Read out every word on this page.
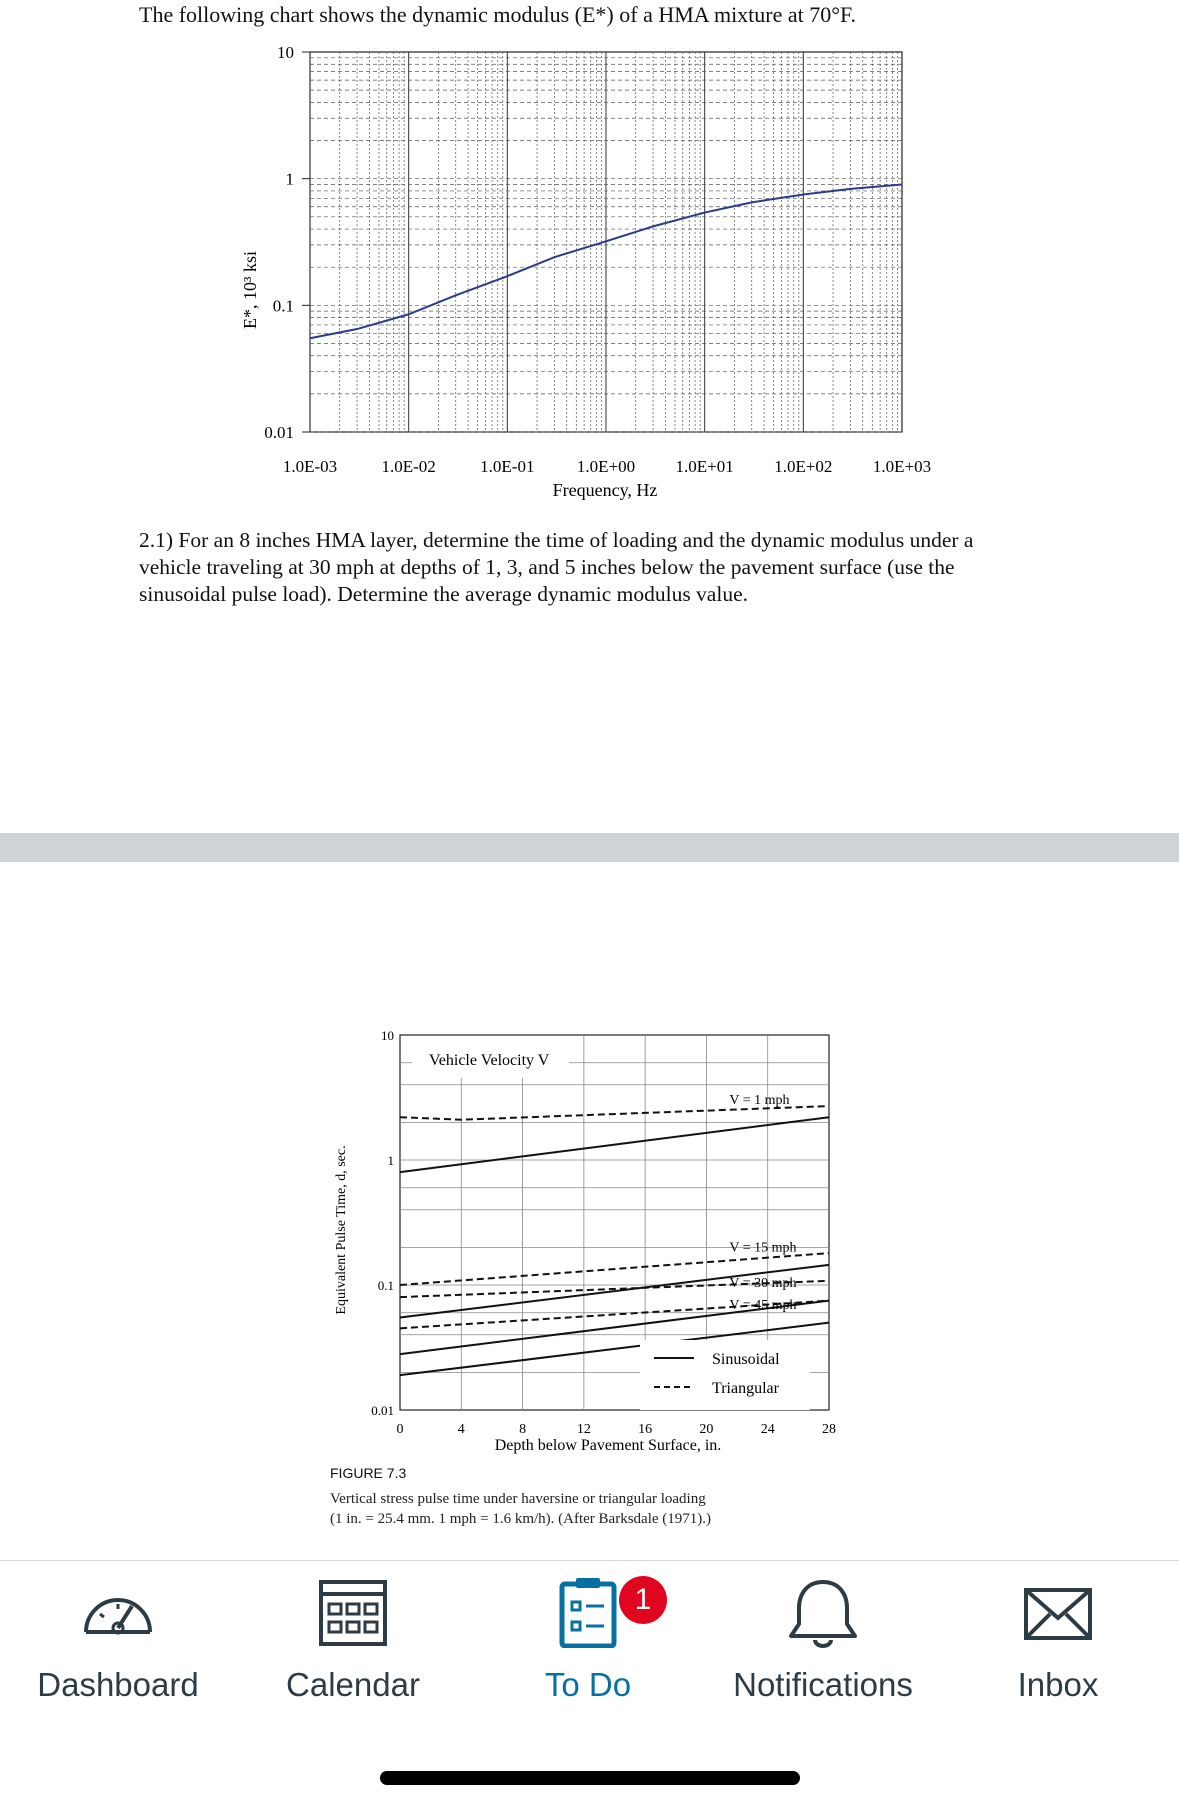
The following chart shows the dynamic modulus (E*) of a HMA mixture at 70°F.
1.0E-03	1.0E-02	1.0E-01 1.0E+00 1.0E+01 1.0E+02 1.0E+03
10
1
0.1
0.01
E*, 10³ ksi
Frequency, Hz
2.1) For an 8 inches HMA layer, determine the time of loading and the dynamic modulus under a vehicle traveling at 30 mph at depths of 1, 3, and 5 inches below the pavement surface (use the sinusoidal pulse load). Determine the average dynamic modulus value.
0	4	8	12	16	20	24	28
10
1
0.1
0.01
Vehicle Velocity V
V = 1 mph
V = 15 mph
V = 30 mph
V = 45 mph
Sinusoidal
Triangular
Equivalent Pulse Time, d, sec.
Depth below Pavement Surface, in.
FIGURE 7.3
Vertical stress pulse time under haversine or triangular loading
(1 in. = 25.4 mm. 1 mph = 1.6 km/h). (After Barksdale (1971).)
Dashboard	Calendar	To Do
1
Notifications	Inbox
